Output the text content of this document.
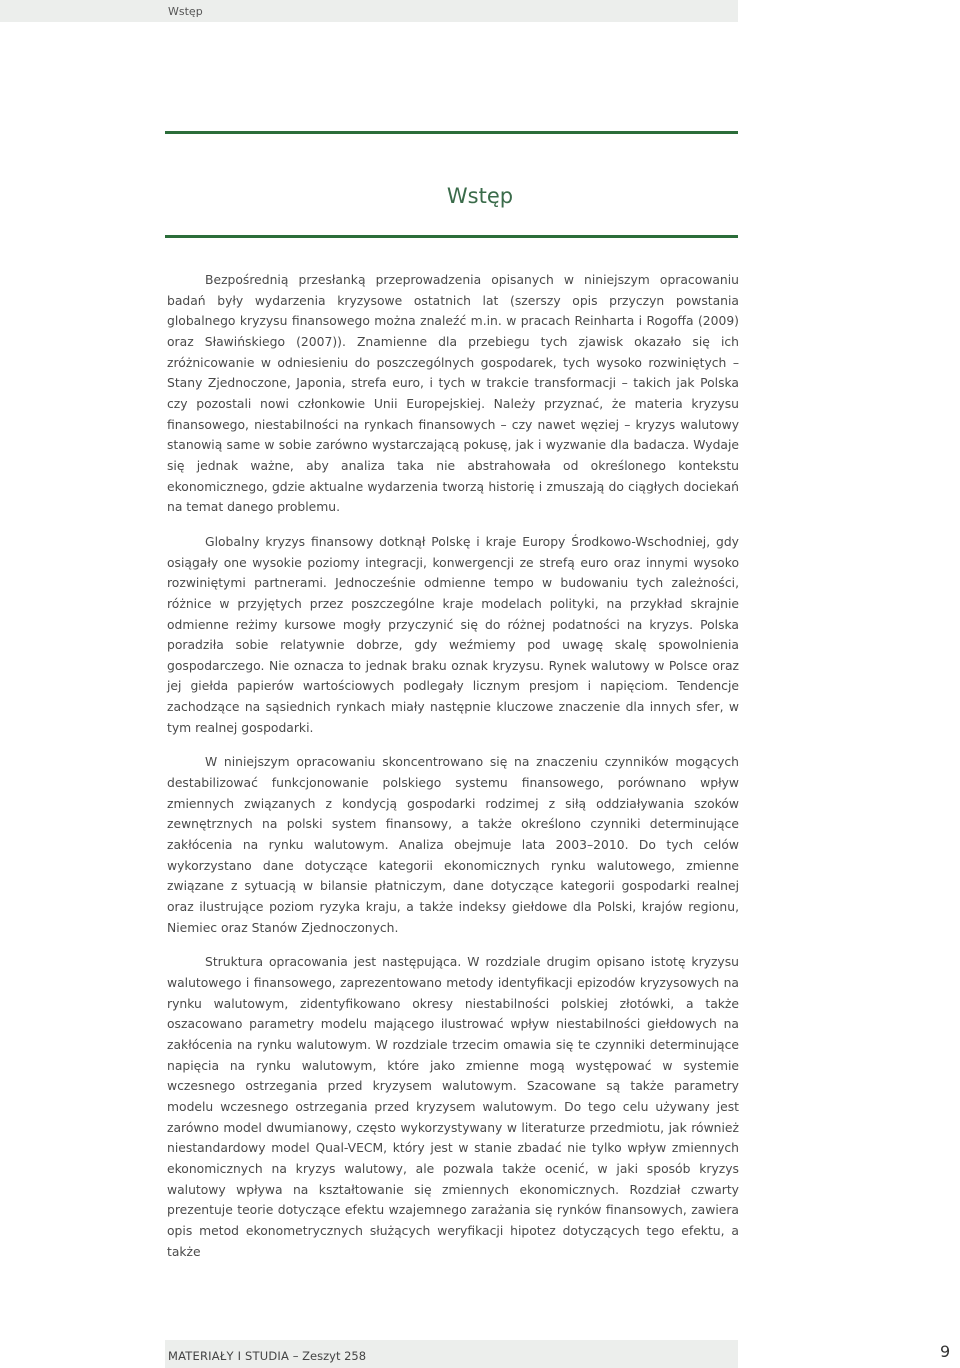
Wstęp
Wstęp

Bezpośrednią przesłanką przeprowadzenia opisanych w niniejszym opracowaniu badań były wydarzenia kryzysowe ostatnich lat (szerszy opis przyczyn powstania globalnego kryzysu finansowego można znaleźć m.in. w pracach Reinharta i Rogoffa (2009) oraz Sławińskiego (2007)). Znamienne dla przebiegu tych zjawisk okazało się ich zróżnicowanie w odniesieniu do poszczególnych gospodarek, tych wysoko rozwiniętych – Stany Zjednoczone, Japonia, strefa euro, i tych w trakcie transformacji – takich jak Polska czy pozostali nowi członkowie Unii Europejskiej. Należy przyznać, że materia kryzysu finansowego, niestabilności na rynkach finansowych – czy nawet węziej – kryzys walutowy stanowią same w sobie zarówno wystarczającą pokusę, jak i wyzwanie dla badacza. Wydaje się jednak ważne, aby analiza taka nie abstrahowała od określonego kontekstu ekonomicznego, gdzie aktualne wydarzenia tworzą historię i zmuszają do ciągłych dociekań na temat danego problemu.

Globalny kryzys finansowy dotknął Polskę i kraje Europy Środkowo-Wschodniej, gdy osiągały one wysokie poziomy integracji, konwergencji ze strefą euro oraz innymi wysoko rozwiniętymi partnerami. Jednocześnie odmienne tempo w budowaniu tych zależności, różnice w przyjętych przez poszczególne kraje modelach polityki, na przykład skrajnie odmienne reżimy kursowe mogły przyczynić się do różnej podatności na kryzys. Polska poradziła sobie relatywnie dobrze, gdy weźmiemy pod uwagę skalę spowolnienia gospodarczego. Nie oznacza to jednak braku oznak kryzysu. Rynek walutowy w Polsce oraz jej giełda papierów wartościowych podlegały licznym presjom i napięciom. Tendencje zachodzące na sąsiednich rynkach miały następnie kluczowe znaczenie dla innych sfer, w tym realnej gospodarki.

W niniejszym opracowaniu skoncentrowano się na znaczeniu czynników mogących destabilizować funkcjonowanie polskiego systemu finansowego, porównano wpływ zmiennych związanych z kondycją gospodarki rodzimej z siłą oddziaływania szoków zewnętrznych na polski system finansowy, a także określono czynniki determinujące zakłócenia na rynku walutowym. Analiza obejmuje lata 2003–2010. Do tych celów wykorzystano dane dotyczące kategorii ekonomicznych rynku walutowego, zmienne związane z sytuacją w bilansie płatniczym, dane dotyczące kategorii gospodarki realnej oraz ilustrujące poziom ryzyka kraju, a także indeksy giełdowe dla Polski, krajów regionu, Niemiec oraz Stanów Zjednoczonych.

Struktura opracowania jest następująca. W rozdziale drugim opisano istotę kryzysu walutowego i finansowego, zaprezentowano metody identyfikacji epizodów kryzysowych na rynku walutowym, zidentyfikowano okresy niestabilności polskiej złotówki, a także oszacowano parametry modelu mającego ilustrować wpływ niestabilności giełdowych na zakłócenia na rynku walutowym. W rozdziale trzecim omawia się te czynniki determinujące napięcia na rynku walutowym, które jako zmienne mogą występować w systemie wczesnego ostrzegania przed kryzysem walutowym. Szacowane są także parametry modelu wczesnego ostrzegania przed kryzysem walutowym. Do tego celu używany jest zarówno model dwumianowy, często wykorzystywany w literaturze przedmiotu, jak również niestandardowy model Qual-VECM, który jest w stanie zbadać nie tylko wpływ zmiennych ekonomicznych na kryzys walutowy, ale pozwala także ocenić, w jaki sposób kryzys walutowy wpływa na kształtowanie się zmiennych ekonomicznych. Rozdział czwarty prezentuje teorie dotyczące efektu wzajemnego zarażania się rynków finansowych, zawiera opis metod ekonometrycznych służących weryfikacji hipotez dotyczących tego efektu, a także

MATERIAŁY I STUDIA – Zeszyt 258	9
